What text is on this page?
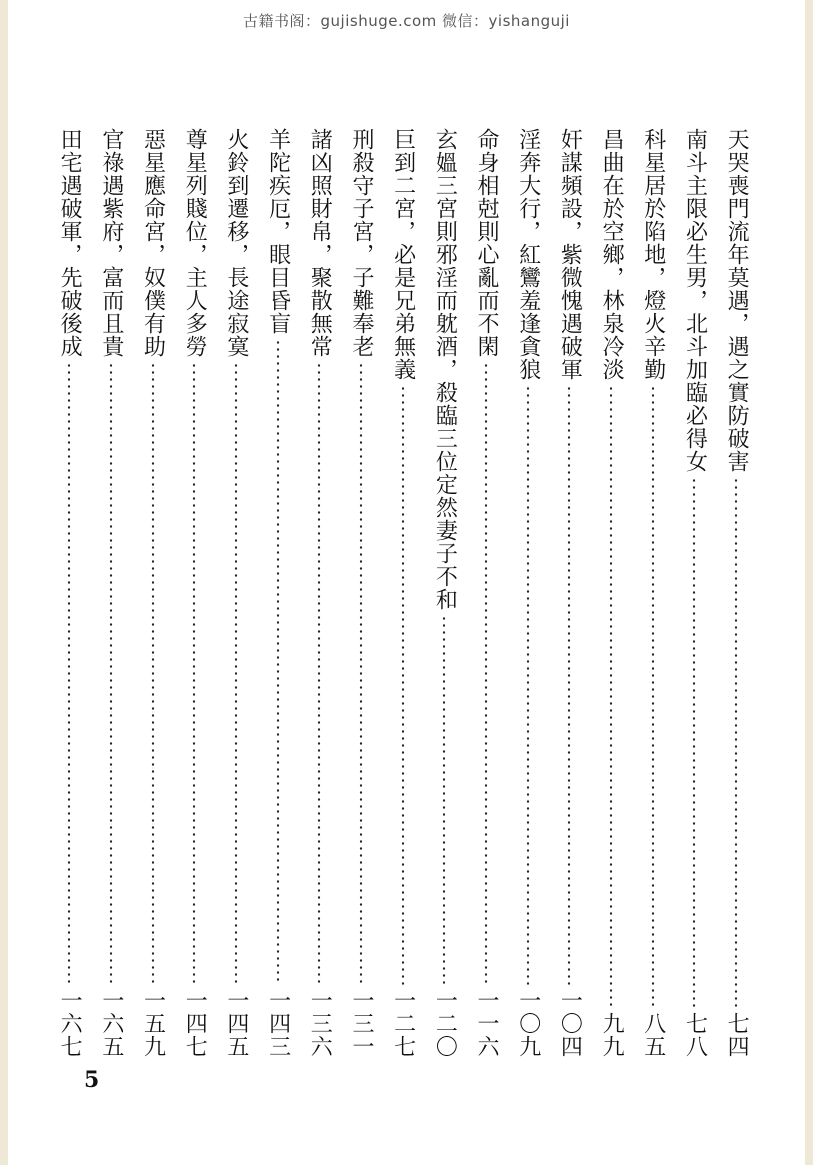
古籍书阁：gujishuge.com 微信：yishanguji
天哭喪門流年莫遇，遇之實防破害
七四
南斗主限必生男，北斗加臨必得女
七八
科星居於陷地，燈火辛勤
八五
昌曲在於空鄉，林泉冷淡
九九
奸謀頻設，紫微愧遇破軍
一〇四
淫奔大行，紅鸞羞逢貪狼
一〇九
命身相尅則心亂而不閑
一一六
玄媼三宮則邪淫而躭酒，殺臨三位定然妻子不和
一二〇
巨到二宮，必是兄弟無義
一二七
刑殺守子宮，子難奉老
一三一
諸凶照財帛，聚散無常
一三六
羊陀疾厄，眼目昏盲
一四三
火鈴到遷移，長途寂寞
一四五
尊星列賤位，主人多勞
一四七
惡星應命宮，奴僕有助
一五九
官祿遇紫府，富而且貴
一六五
田宅遇破軍，先破後成
一六七
5
